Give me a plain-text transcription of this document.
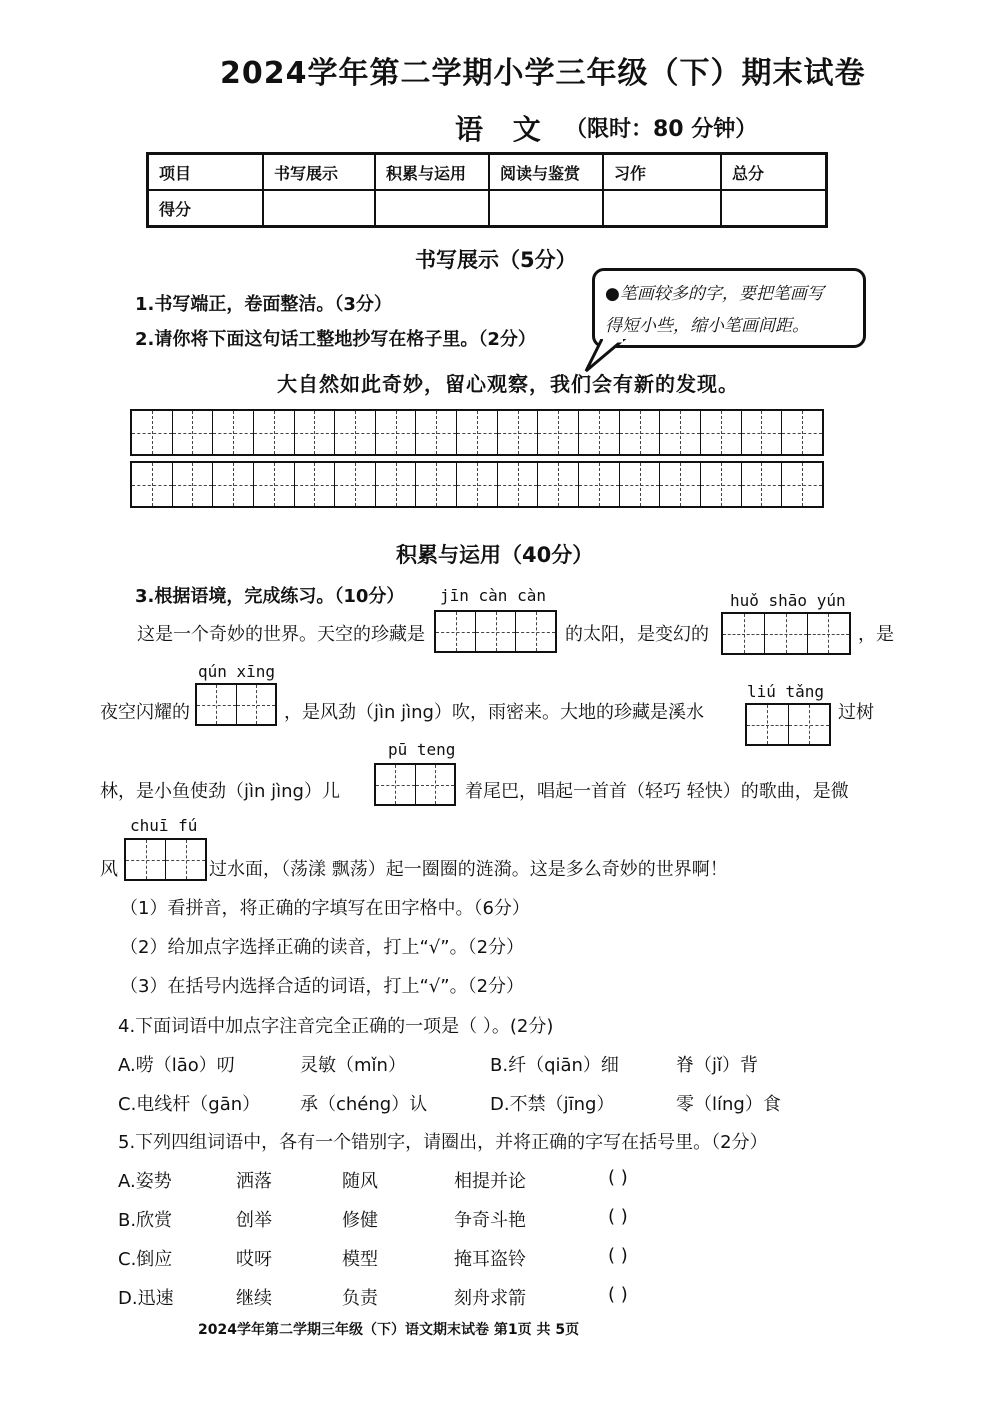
2024学年第二学期小学三年级（下）期末试卷
语 文 （限时：80 分钟）
项目	书写展示	积累与运用	阅读与鉴赏	习作	总分
得分					
书写展示（5分）
1.书写端正，卷面整洁。（3分）
2.请你将下面这句话工整地抄写在格子里。（2分）
●笔画较多的字，要把笔画写
得短小些，缩小笔画间距。
大自然如此奇妙，留心观察，我们会有新的发现。
积累与运用（40分）
3.根据语境，完成练习。（10分） jīn càn càn	huǒ shāo yún
这是一个奇妙的世界。天空的珍藏是	的太阳，是变幻的	，是
qún xīng
liú tǎng
夜空闪耀的	，是风劲（jìn jìng）吹，雨密来。大地的珍藏是溪水	过树
pū teng
林，是小鱼使劲（jìn jìng）儿	着尾巴，唱起一首首（轻巧 轻快）的歌曲，是微
chuī fú
风	过水面，（荡漾 飘荡）起一圈圈的涟漪。这是多么奇妙的世界啊！
（1）看拼音，将正确的字填写在田字格中。（6分）
（2）给加点字选择正确的读音，打上“√”。（2分）
（3）在括号内选择合适的词语，打上“√”。（2分）
4.下面词语中加点字注音完全正确的一项是（ ）。(2分)
A.唠（lāo）叨	灵敏（mǐn）	B.纤（qiān）细	脊（jǐ）背
C.电线杆（gān） 承（chéng）认	D.不禁（jīng）	零（líng）食
5.下列四组词语中，各有一个错别字，请圈出，并将正确的字写在括号里。（2分）
A.姿势	洒落	随风	相提并论	( )
B.欣赏	创举	修健	争奇斗艳	( )
C.倒应	哎呀	模型	掩耳盗铃	( )
D.迅速	继续	负责	刻舟求箭	( )
2024学年第二学期三年级（下）语文期末试卷 第1页 共 5页
